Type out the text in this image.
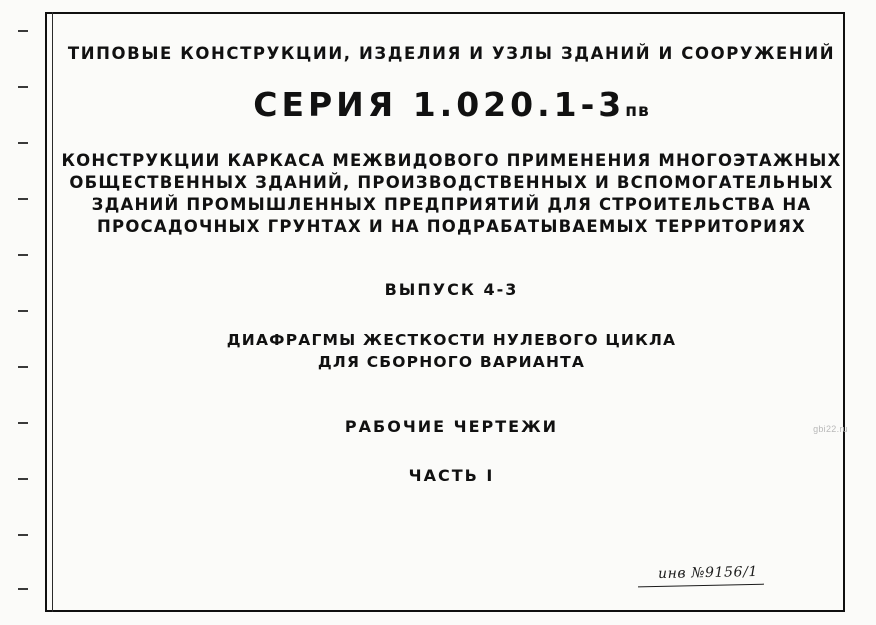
ТИПОВЫЕ КОНСТРУКЦИИ, ИЗДЕЛИЯ И УЗЛЫ ЗДАНИЙ И СООРУЖЕНИЙ
СЕРИЯ 1.020.1-3пв
КОНСТРУКЦИИ КАРКАСА МЕЖВИДОВОГО ПРИМЕНЕНИЯ МНОГОЭТАЖНЫХ
ОБЩЕСТВЕННЫХ ЗДАНИЙ, ПРОИЗВОДСТВЕННЫХ И ВСПОМОГАТЕЛЬНЫХ
ЗДАНИЙ ПРОМЫШЛЕННЫХ ПРЕДПРИЯТИЙ ДЛЯ СТРОИТЕЛЬСТВА НА
ПРОСАДОЧНЫХ ГРУНТАХ И НА ПОДРАБАТЫВАЕМЫХ ТЕРРИТОРИЯХ
ВЫПУСК 4-3
ДИАФРАГМЫ ЖЕСТКОСТИ НУЛЕВОГО ЦИКЛА
ДЛЯ СБОРНОГО ВАРИАНТА
РАБОЧИЕ ЧЕРТЕЖИ
ЧАСТЬ I
gbi22.ru
инв №9156/1
